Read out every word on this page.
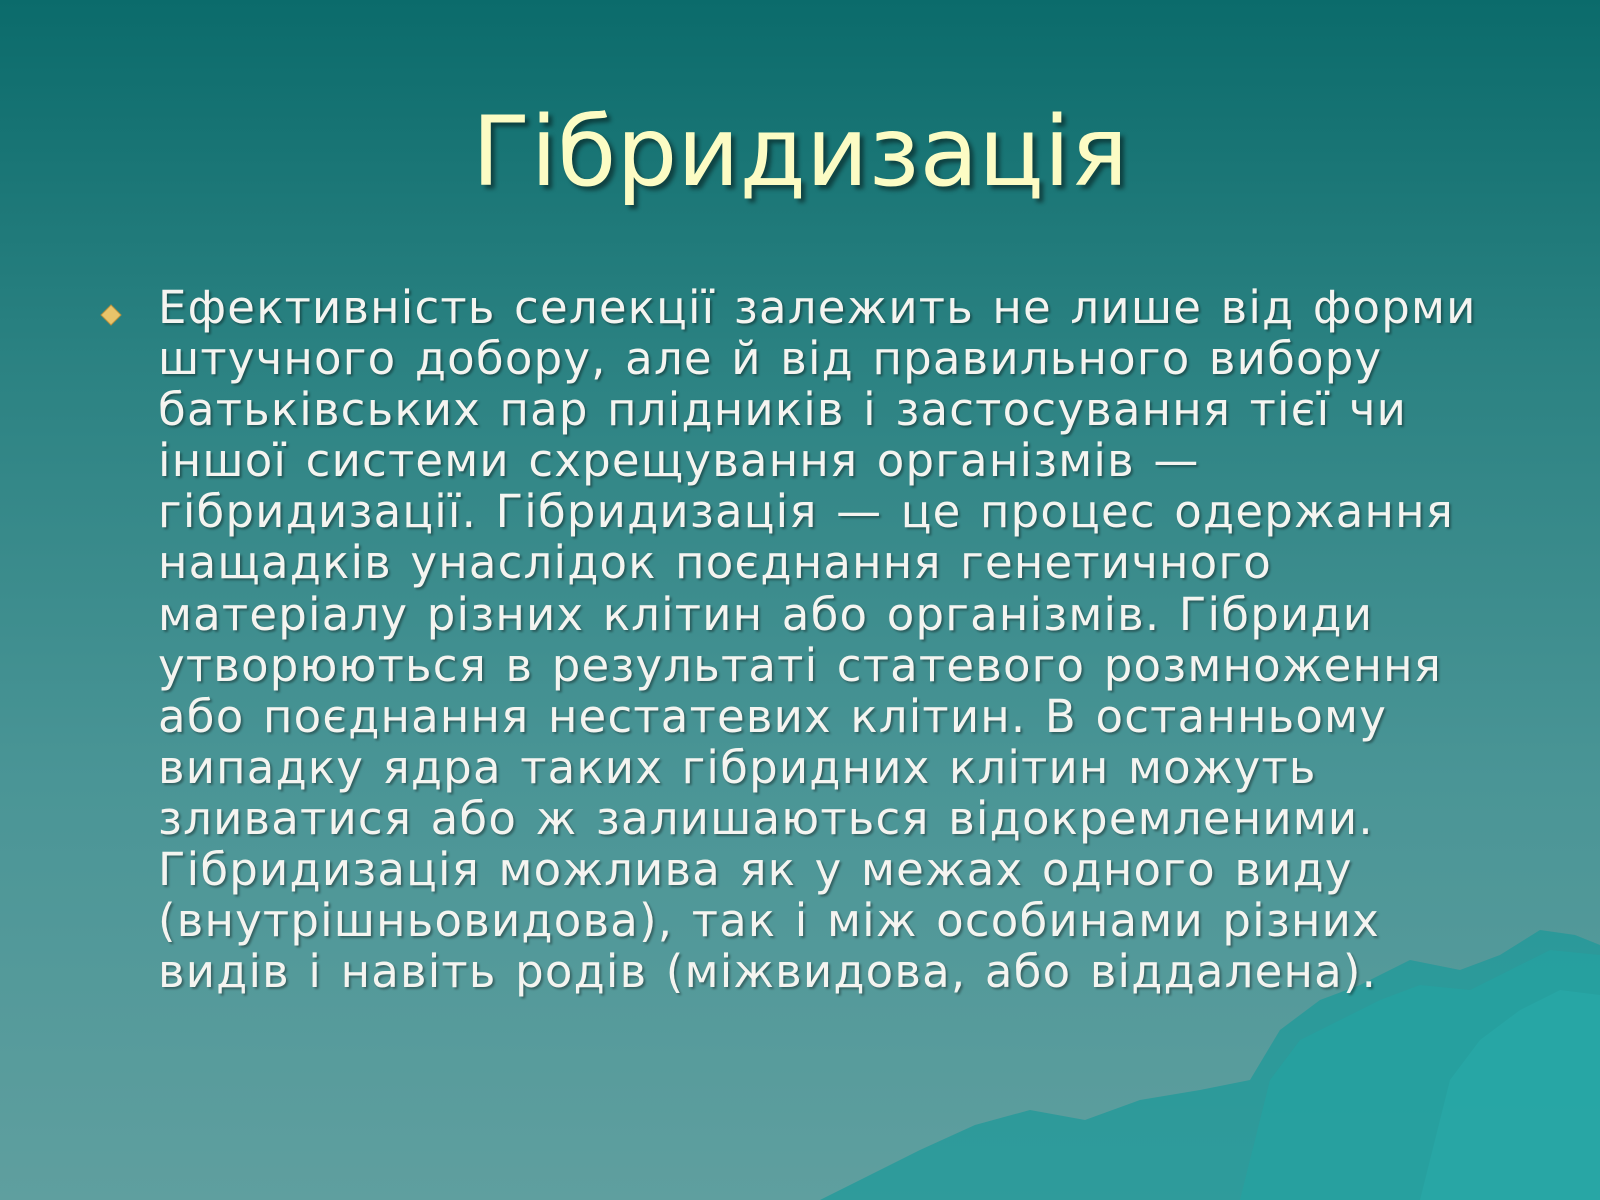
Гібридизація
Ефективність селекції залежить не лише від форми штучного добору, але й від правильного вибору батьківських пар плідників і застосування тієї чи іншої системи схрещування організмів — гібридизації. Гібридизація — це процес одержання нащадків унаслідок поєднання генетичного матеріалу різних клітин або організмів. Гібриди утворюються в результаті статевого розмноження або поєднання нестатевих клітин. В останньому випадку ядра таких гібридних клітин можуть зливатися або ж залишаються відокремленими. Гібридизація можлива як у межах одного виду (внутрішньовидова), так і між особинами різних видів і навіть родів (міжвидова, або віддалена).
